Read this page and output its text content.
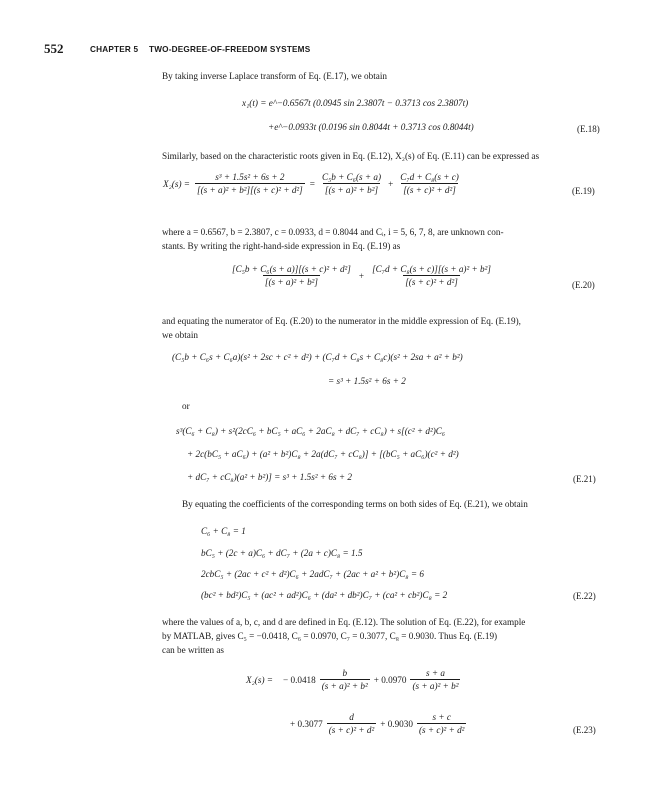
552	CHAPTER 5 TWO-DEGREE-OF-FREEDOM SYSTEMS
By taking inverse Laplace transform of Eq. (E.17), we obtain
x₁(t) = e^−0.6567t (0.0945 sin 2.3807t − 0.3713 cos 2.3807t)
+e^−0.0933t (0.0196 sin 0.8044t + 0.3713 cos 0.8044t)	(E.18)
Similarly, based on the characteristic roots given in Eq. (E.12), X₂(s) of Eq. (E.11) can be expressed as
$X_2(s) = \frac{\text{s³ + 1.5s² + 6s + 2}}{\text{[(s + a)² + b²][(s + c)² + d²]}} = \frac{\text{C₅b + C₆(s + a)}}{\text{[(s + a)² + b²]}} + \frac{\text{C₇d + C₈(s + c)}}{\text{[(s + c)² + d²]}}$	(E.19)
where a = 0.6567, b = 2.3807, c = 0.0933, d = 0.8044 and Cᵢ, i = 5, 6, 7, 8, are unknown con-
stants. By writing the right-hand-side expression in Eq. (E.19) as
$\frac{\text{[C₅b + C₆(s + a)][(s + c)² + d²]}}{\text{[(s + a)² + b²]}} + \frac{\text{[C₇d + C₈(s + c)][(s + a)² + b²]}}{\text{[(s + c)² + d²]}}$	(E.20)
and equating the numerator of Eq. (E.20) to the numerator in the middle expression of Eq. (E.19),
we obtain
(C₅b + C₆s + C₆a)(s² + 2sc + c² + d²) + (C₇d + C₈s + C₈c)(s² + 2sa + a² + b²)
= s³ + 1.5s² + 6s + 2
or
s³(C₆ + C₈) + s²(2cC₆ + bC₅ + aC₆ + 2aC₈ + dC₇ + cC₈) + s[(c² + d²)C₆
+ 2c(bC₅ + aC₆) + (a² + b²)C₈ + 2a(dC₇ + cC₈)] + [(bC₅ + aC₆)(c² + d²)
+ dC₇ + cC₈)(a² + b²)] = s³ + 1.5s² + 6s + 2	(E.21)
By equating the coefficients of the corresponding terms on both sides of Eq. (E.21), we obtain
C₆ + C₈ = 1
bC₅ + (2c + a)C₆ + dC₇ + (2a + c)C₈ = 1.5
2cbC₅ + (2ac + c² + d²)C₆ + 2adC₇ + (2ac + a² + b²)C₈ = 6
(bc² + bd²)C₅ + (ac² + ad²)C₆ + (da² + db²)C₇ + (ca² + cb²)C₈ = 2	(E.22)
where the values of a, b, c, and d are defined in Eq. (E.12). The solution of Eq. (E.22), for example
by MATLAB, gives C₅ = −0.0418, C₆ = 0.0970, C₇ = 0.3077, C₈ = 0.9030. Thus Eq. (E.19)
can be written as
X₂(s) = − $0.0418 \frac{b}{\text{(s + a)² + b²}} + 0.0970 \frac{s + a}{\text{(s + a)² + b²}}$
+ $0.3077 \frac{d}{\text{(s + c)² + d²}} + 0.9030 \frac{s + c}{\text{(s + c)² + d²}}$	(E.23)
